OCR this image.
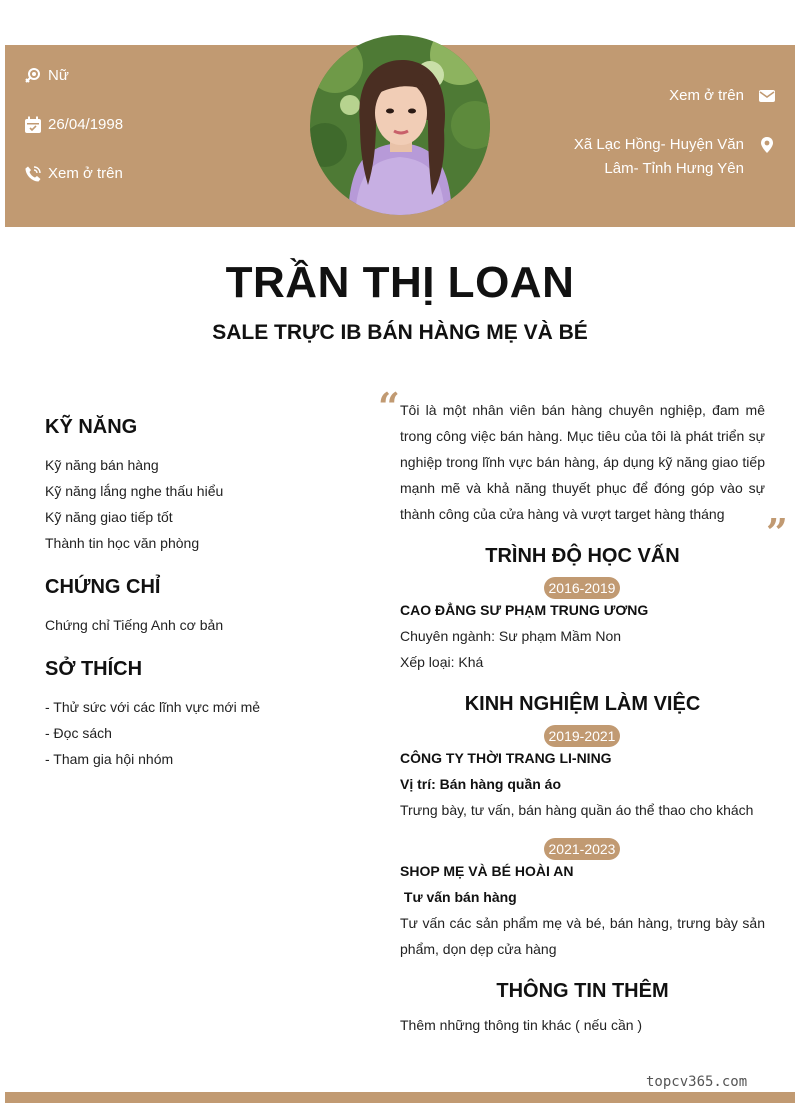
Nữ
26/04/1998
Xem ở trên
Xem ở trên
Xã Lạc Hồng- Huyện Văn
Lâm- Tỉnh Hưng Yên
TRẦN THỊ LOAN
SALE TRỰC IB BÁN HÀNG MẸ VÀ BÉ
KỸ NĂNG
Kỹ năng bán hàng
Kỹ năng lắng nghe thấu hiểu
Kỹ năng giao tiếp tốt
Thành tin học văn phòng
CHỨNG CHỈ
Chứng chỉ Tiếng Anh cơ bản
SỞ THÍCH
- Thử sức với các lĩnh vực mới mẻ
- Đọc sách
- Tham gia hội nhóm
“ Tôi là một nhân viên bán hàng chuyên nghiệp, đam mê trong công việc bán hàng. Mục tiêu của tôi là phát triển sự nghiệp trong lĩnh vực bán hàng, áp dụng kỹ năng giao tiếp mạnh mẽ và khả năng thuyết phục để đóng góp vào sự thành công của cửa hàng và vượt target hàng tháng	”
TRÌNH ĐỘ HỌC VẤN
2016-2019
CAO ĐẲNG SƯ PHẠM TRUNG ƯƠNG
Chuyên ngành: Sư phạm Mầm Non
Xếp loại: Khá
KINH NGHIỆM LÀM VIỆC
2019-2021
CÔNG TY THỜI TRANG LI-NING
Vị trí: Bán hàng quần áo
Trưng bày, tư vấn, bán hàng quần áo thể thao cho khách
2021-2023
SHOP MẸ VÀ BÉ HOÀI AN
Tư vấn bán hàng
Tư vấn các sản phẩm mẹ và bé, bán hàng, trưng bày sản phẩm, dọn dẹp cửa hàng
THÔNG TIN THÊM
Thêm những thông tin khác ( nếu cần )
topcv365.com
